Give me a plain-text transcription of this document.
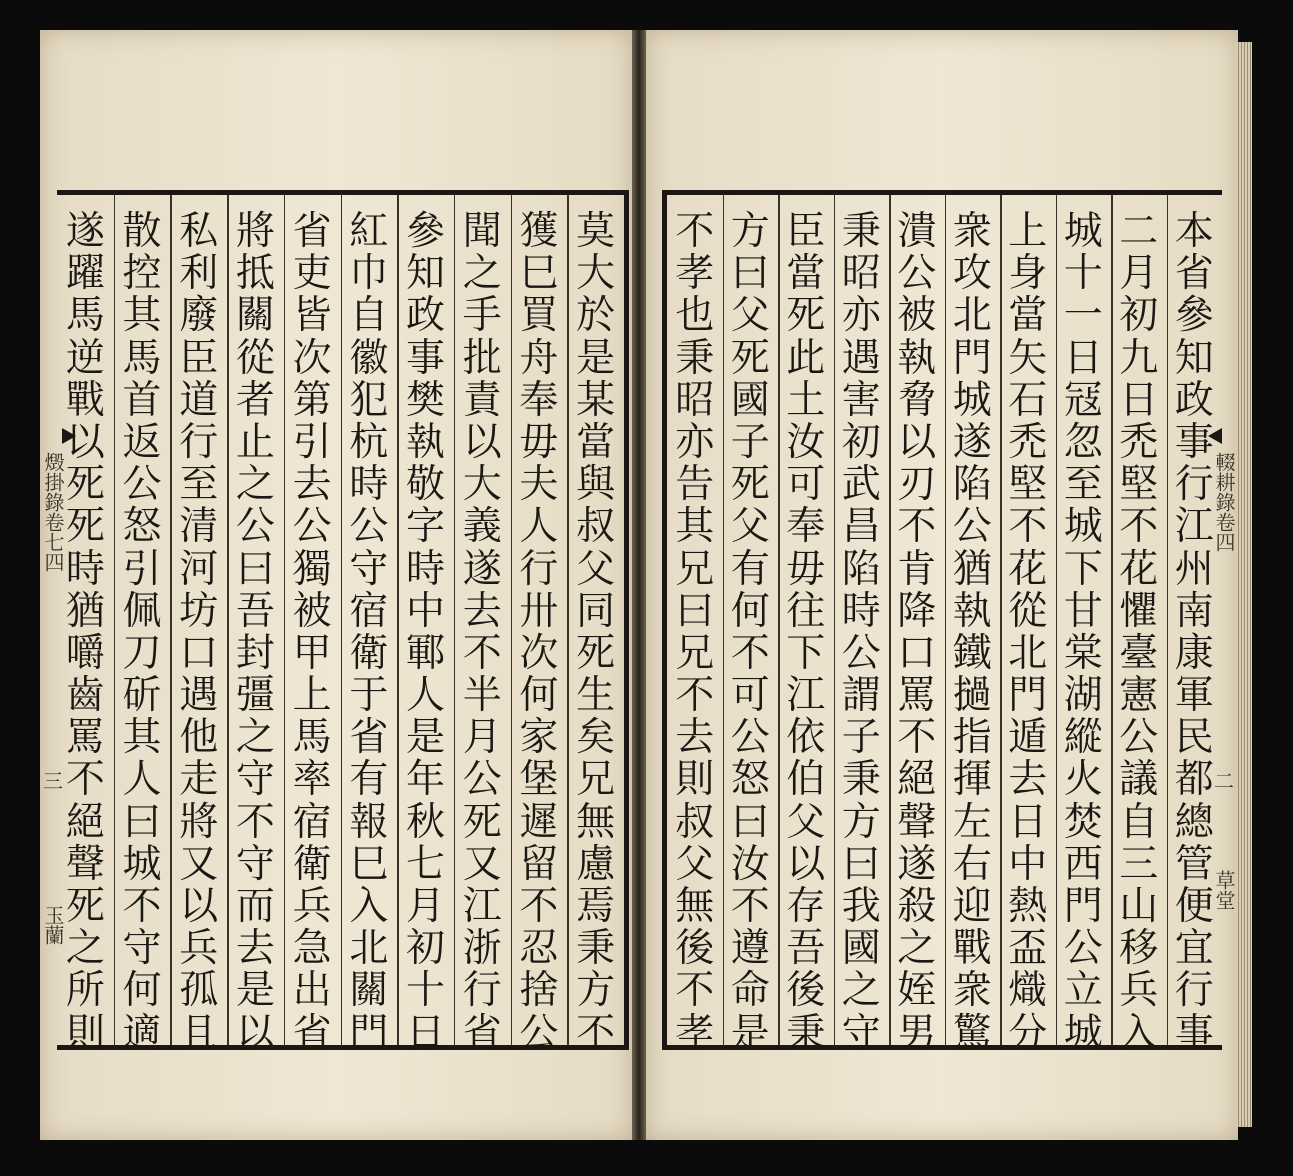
莫
大
於
是
某
當
與
叔
父
同
死
生
矣
兄
無
慮
焉
秉
方
不
獲
巳
買
舟
奉
毋
夫
人
行
卅
次
何
家
堡
遲
留
不
忍
捨
公
聞
之
手
批
責
以
大
義
遂
去
不
半
月
公
死
又
江
浙
行
省
參
知
政
事
樊
執
敬
字
時
中
鄆
人
是
年
秋
七
月
初
十
日
紅
巾
自
徽
犯
杭
時
公
守
宿
衛
于
省
有
報
巳
入
北
關
門
省
吏
皆
次
第
引
去
公
獨
被
甲
上
馬
率
宿
衛
兵
急
出
省
將
抵
關
從
者
止
之
公
曰
吾
封
彊
之
守
不
守
而
去
是
以
私
利
廢
臣
道
行
至
清
河
坊
口
遇
他
走
將
又
以
兵
孤
且
散
控
其
馬
首
返
公
怒
引
佩
刀
斫
其
人
曰
城
不
守
何
適
遂
躍
馬
逆
戰
以
死
死
時
猶
嚼
齒
罵
不
絕
聲
死
之
所
則
本
省
參
知
政
事
行
江
州
南
康
軍
民
都
總
管
便
宜
行
事
二
月
初
九
日
禿
堅
不
花
懼
臺
憲
公
議
自
三
山
移
兵
入
城
十
一
日
冦
忽
至
城
下
甘
棠
湖
縱
火
焚
西
門
公
立
城
上
身
當
矢
石
禿
堅
不
花
從
北
門
遁
去
日
中
熱
盃
熾
分
衆
攻
北
門
城
遂
陷
公
猶
執
鐵
撾
指
揮
左
右
迎
戰
衆
驚
潰
公
被
執
脅
以
刃
不
肯
降
口
罵
不
絕
聲
遂
殺
之
姪
男
秉
昭
亦
遇
害
初
武
昌
陷
時
公
謂
子
秉
方
曰
我
國
之
守
臣
當
死
此
土
汝
可
奉
毋
往
下
江
依
伯
父
以
存
吾
後
秉
方
曰
父
死
國
子
死
父
有
何
不
可
公
怒
曰
汝
不
遵
命
是
不
孝
也
秉
昭
亦
告
其
兄
曰
兄
不
去
則
叔
父
無
後
不
孝
燬掛錄卷七四
三
玉蘭
輟耕錄卷四
二
草堂
